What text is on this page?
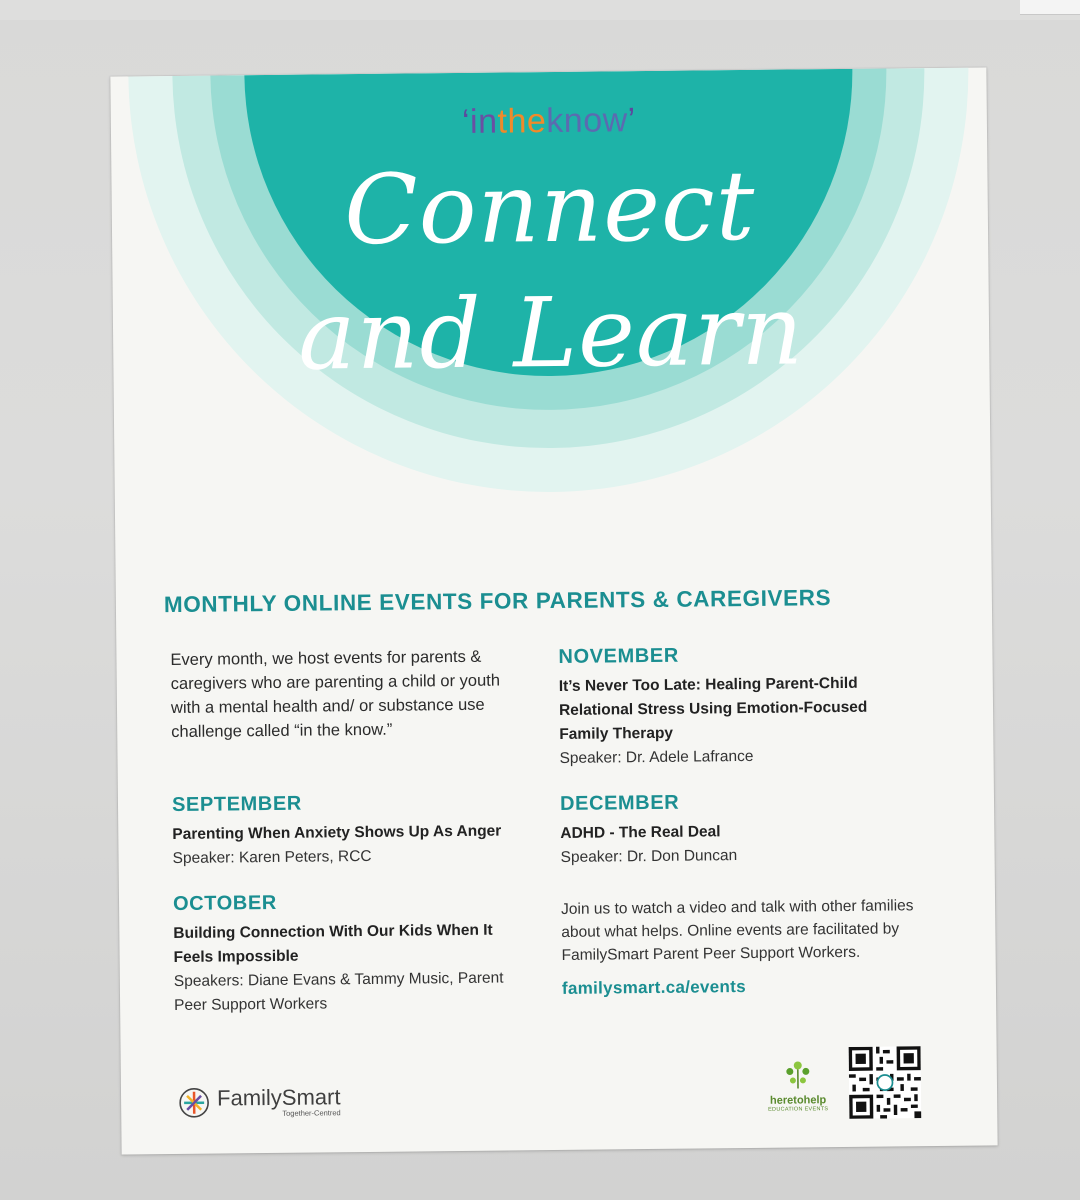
‘intheknow’
Connect
and Learn
MONTHLY ONLINE EVENTS FOR PARENTS & CAREGIVERS

Every month, we host events for parents & caregivers who are parenting a child or youth with a mental health and/ or substance use challenge called “in the know.”

SEPTEMBER

Parenting When Anxiety Shows Up As Anger

Speaker: Karen Peters, RCC

OCTOBER

Building Connection With Our Kids When It Feels Impossible

Speakers: Diane Evans & Tammy Music, Parent Peer Support Workers

NOVEMBER

It’s Never Too Late: Healing Parent-Child Relational Stress Using Emotion-Focused Family Therapy

Speaker: Dr. Adele Lafrance

DECEMBER

ADHD - The Real Deal

Speaker: Dr. Don Duncan

Join us to watch a video and talk with other families about what helps. Online events are facilitated by FamilySmart Parent Peer Support Workers.

familysmart.ca/events

FamilySmart
Together-Centred
heretohelp
EDUCATION EVENTS
